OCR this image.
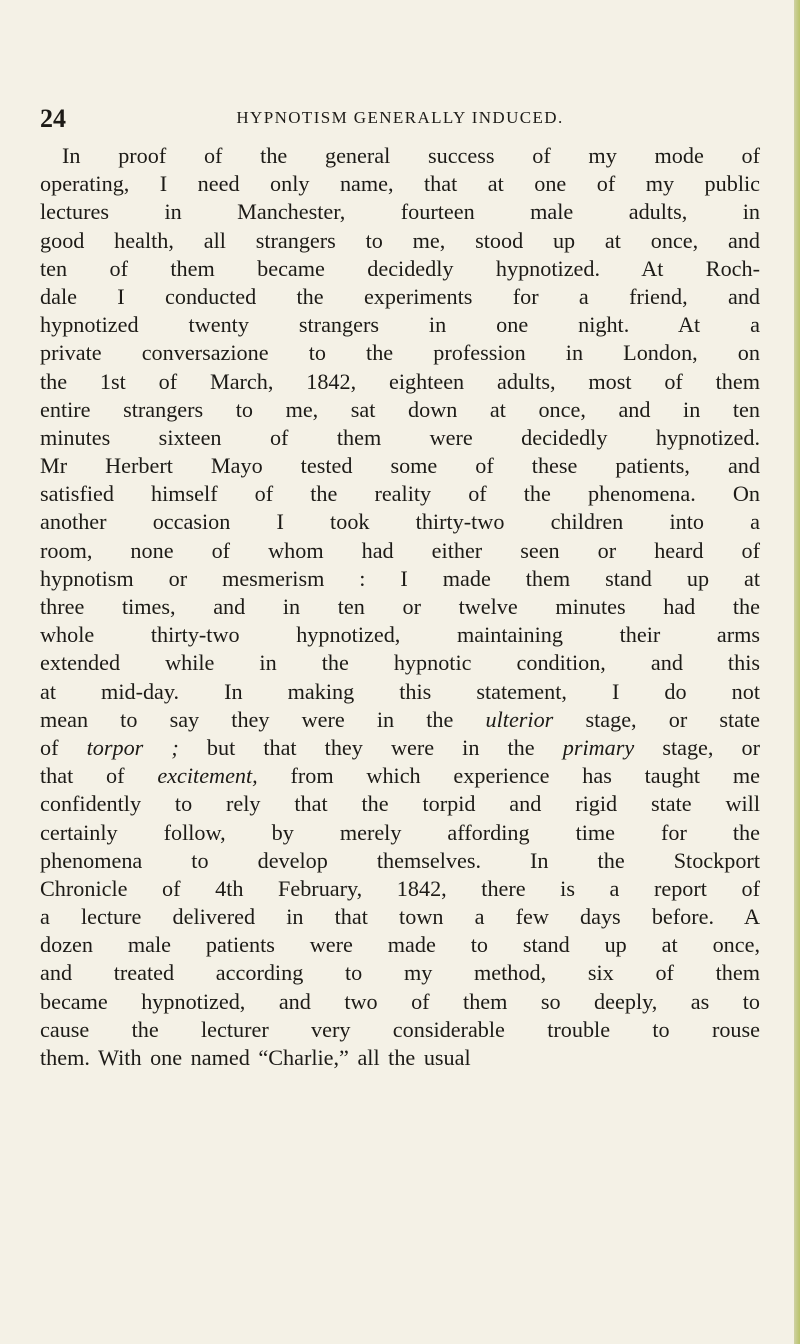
24	HYPNOTISM GENERALLY INDUCED.
In proof of the general success of my mode of
operating, I need only name, that at one of my public
lectures in Manchester, fourteen male adults, in
good health, all strangers to me, stood up at once, and
ten of them became decidedly hypnotized. At Roch-
dale I conducted the experiments for a friend, and
hypnotized twenty strangers in one night. At a
private conversazione to the profession in London, on
the 1st of March, 1842, eighteen adults, most of them
entire strangers to me, sat down at once, and in ten
minutes sixteen of them were decidedly hypnotized.
Mr Herbert Mayo tested some of these patients, and
satisfied himself of the reality of the phenomena. On
another occasion I took thirty-two children into a
room, none of whom had either seen or heard of
hypnotism or mesmerism : I made them stand up at
three times, and in ten or twelve minutes had the
whole thirty-two hypnotized, maintaining their arms
extended while in the hypnotic condition, and this
at mid-day. In making this statement, I do not
mean to say they were in the ulterior stage, or state
of torpor ; but that they were in the primary stage, or
that of excitement, from which experience has taught me
confidently to rely that the torpid and rigid state will
certainly follow, by merely affording time for the
phenomena to develop themselves. In the Stockport
Chronicle of 4th February, 1842, there is a report of
a lecture delivered in that town a few days before. A
dozen male patients were made to stand up at once,
and treated according to my method, six of them
became hypnotized, and two of them so deeply, as to
cause the lecturer very considerable trouble to rouse
them. With one named “Charlie,” all the usual
